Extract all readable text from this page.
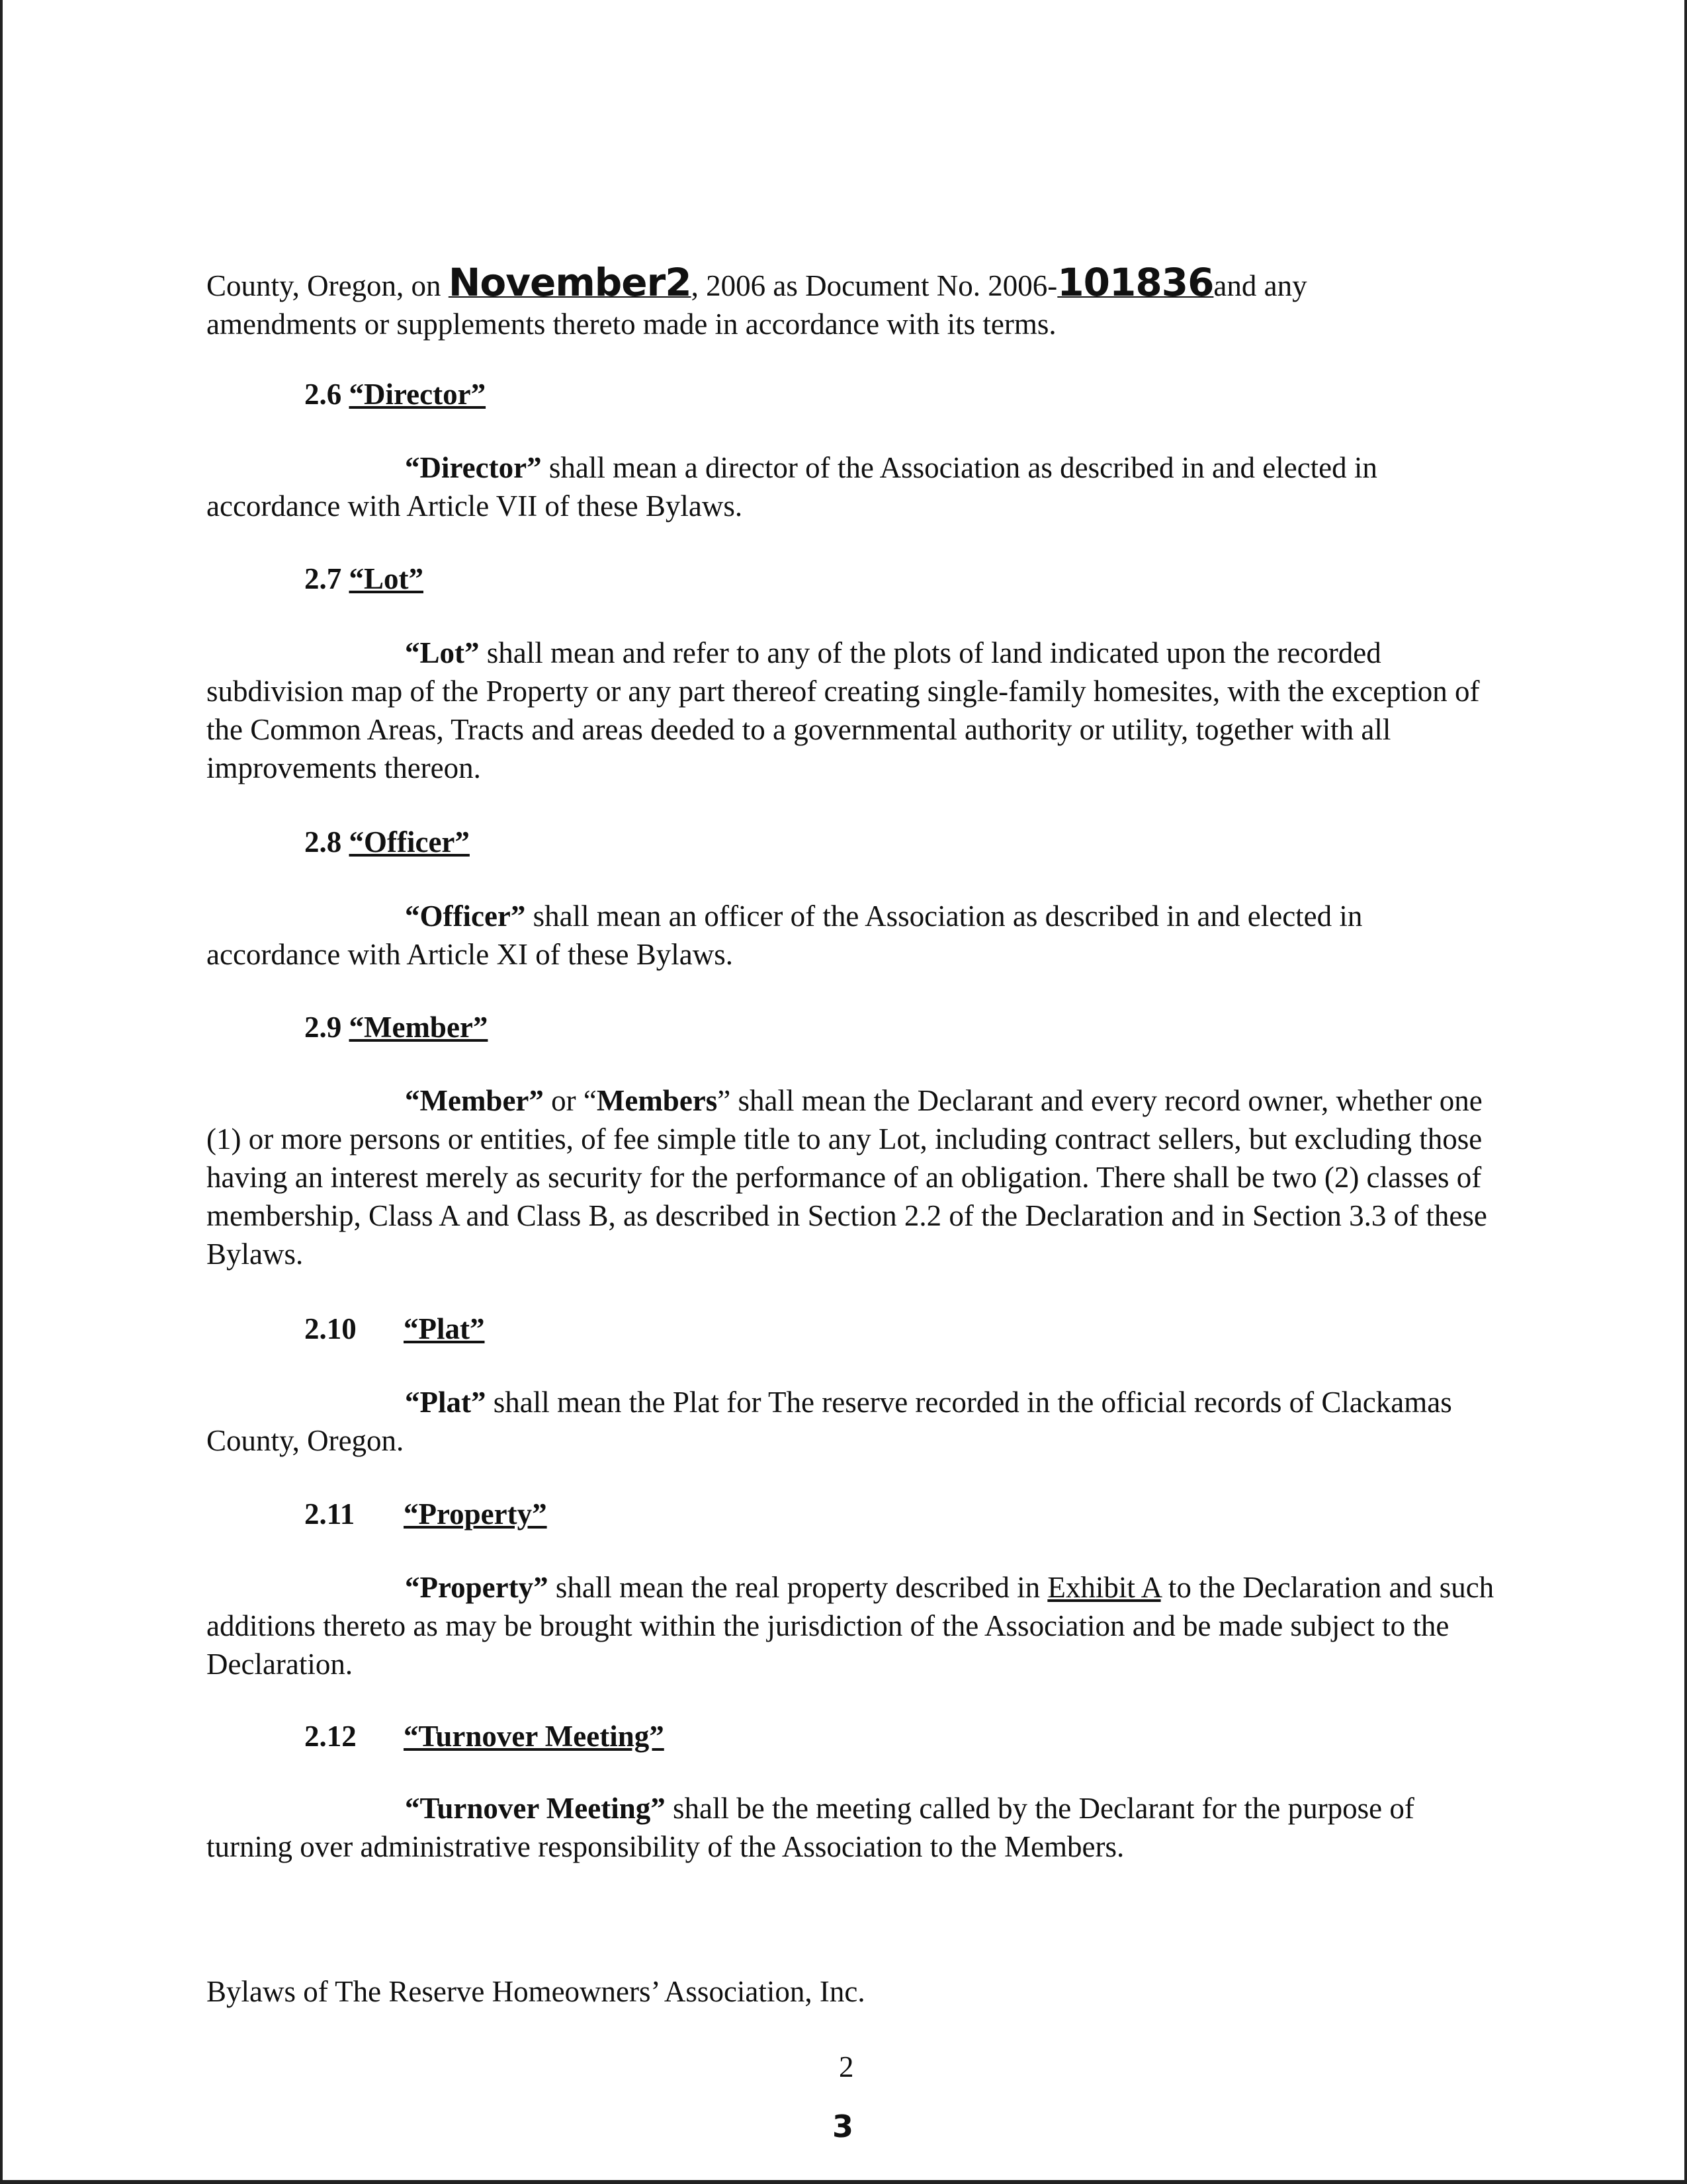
County, Oregon, on November2, 2006 as Document No. 2006-101836and any
amendments or supplements thereto made in accordance with its terms.

2.6 “Director”

“Director” shall mean a director of the Association as described in and elected in accordance with Article VII of these Bylaws.

2.7 “Lot”

“Lot” shall mean and refer to any of the plots of land indicated upon the recorded subdivision map of the Property or any part thereof creating single-family homesites, with the exception of the Common Areas, Tracts and areas deeded to a governmental authority or utility, together with all improvements thereon.

2.8 “Officer”

“Officer” shall mean an officer of the Association as described in and elected in accordance with Article XI of these Bylaws.

2.9 “Member”

“Member” or “Members” shall mean the Declarant and every record owner, whether one (1) or more persons or entities, of fee simple title to any Lot, including contract sellers, but excluding those having an interest merely as security for the performance of an obligation. There shall be two (2) classes of membership, Class A and Class B, as described in Section 2.2 of the Declaration and in Section 3.3 of these Bylaws.

2.10 “Plat”

“Plat” shall mean the Plat for The reserve recorded in the official records of Clackamas County, Oregon.

2.11 “Property”

“Property” shall mean the real property described in Exhibit A to the Declaration and such additions thereto as may be brought within the jurisdiction of the Association and be made subject to the Declaration.

2.12 “Turnover Meeting”

“Turnover Meeting” shall be the meeting called by the Declarant for the purpose of turning over administrative responsibility of the Association to the Members.

Bylaws of The Reserve Homeowners’ Association, Inc.

2

3
